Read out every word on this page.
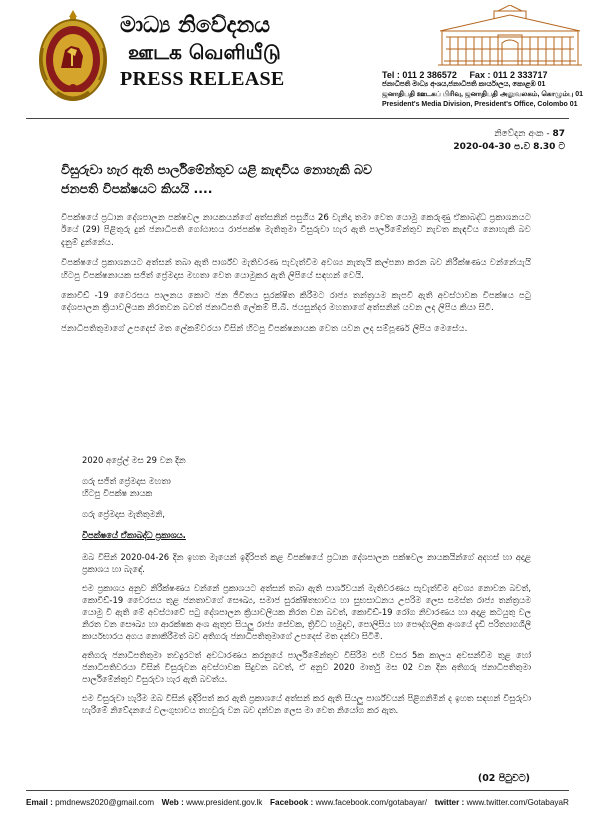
මාධ්‍ය නිවේදනය
ஊடக வெளியீடு
PRESS RELEASE	Tel : 011 2 386572 Fax : 011 2 333717
ජනාධිපති මාධ්‍ය අංශය,ජනාධිපති කාර්යාලය, කොළඹ 01
ஜனாதிபதி ஊடகப் பிரிவு, ஜனாதிபதி அலுவலகம், கொழும்பு 01
President's Media Division, President's Office, Colombo 01
නිවේදන අංක - 87
2020-04-30 ප.ව 8.30 ට
විසුරුවා හැර ඇති පාර්ලිමේන්තුව යළි කැඳවිය නොහැකි බව
ජනපති විපක්ෂයට කියයි ....

විපක්ෂයේ ප්‍රධාන දේශපාලන පක්ෂවල නායකයන්ගේ අත්සනින් පසුගිය 26 වැනිදා තමා වෙත යොමු කෙරුණු ඒකාබද්ධ ප්‍රකාශනයට ඊයේ (29) පිළිතුරු දුන් ජනාධිපති ගෝඨාභය රාජපක්ෂ මැතිතුමා විසුරුවා හැර ඇති පාර්ලිමේන්තුව නැවත කැඳවිය නොහැකි බව දැනුම් දුන්නේය.

විපක්ෂයේ ප්‍රකාශනයට අත්සන් තබා ඇති පාර්ශ්ව මැතිවරණ පැවැත්වීම අවශ්‍ය නැතැයි කල්පනා කරන බව නිරීක්ෂණය වන්නේයැයි හිටපු විපක්ෂනායක සජිත් ප්‍රේමදාස මහතා වෙත යොමුකර ඇති ලිපියේ සඳහන් වෙයි.

කොවිඩ් -19 වෛරසය පාලනය කොට ජන ජීවිතය සුරක්ෂිත කිරීමට රාජ්‍ය තන්ත්‍රයම කැපවී ඇති අවස්ථාවක විපක්ෂය පටු දේශපාලන ක්‍රියාවලියක නිරතවන බවත් ජනාධිපති ලේකම් පී.බී. ජයසුන්දර මහතාගේ අත්සනින් යවන ලද ලිපිය කියා සිටී.

ජනාධිපතිතුමාගේ උපදෙස් මත ලේකම්වරයා විසින් හිටපු විපක්ෂනායක වෙත යවන ලද සම්පූර්ණ ලිපිය මෙසේය.

2020 අප්‍රේල් මස 29 වන දින

ගරු සජිත් ප්‍රේමදාස මහතා
හිටපු විපක්ෂ නායක

ගරු ප්‍රේමදාස මැතිතුමනි,

විපක්ෂයේ ඒකාබද්ධ ප්‍රකාශය.

ඔබ විසින් 2020-04-26 දින ඉහත මැයෙන් ඉදිරිපත් කළ විපක්ෂයේ ප්‍රධාන දේශපාලන පක්ෂවල නායකයින්ගේ අදහස් හා අදාළ ප්‍රකාශය හා බැඳේ.

එම ප්‍රකාශය අනුව නිරීක්ෂණය වන්නේ ප්‍රකාශයට අත්සන් තබා ඇති පාර්ශ්වයන් මැතිවරණය පැවැත්වීම අවශ්‍ය නොවන බවත්, කොවිඩ්-19 වෛරසය තුළ ජනතාවගේ සෞඛ්‍ය, සමාජ සුරක්ෂිතභාවය හා සුභසාධනය උපරිම ලෙස සමස්ත රාජ්‍ය තන්ත්‍රයම යොමු වී ඇති මේ අවස්ථාවේ පටු දේශපාලන ක්‍රියාවලියක නිරත වන බවත්, කොවිඩ්-19 රෝග නිවාරණය හා අදාළ කටයුතු වල නිරත වන සෞඛ්‍ය හා ආරක්ෂක අංශ ඇතුළු සියලු රාජ්‍ය සේවක, ත්‍රිවිධ හමුදාව, පොලිසිය හා පෞද්ගලික අංශයේ දැඩි පරිත්‍යාගශීලී කාර්යභාරය අගය නොකිරීමත් බව අතිගරු ජනාධිපතිතුමාගේ උපදෙස් මත දන්වා සිටිමි.

අතිගරු ජනාධිපතිතුමා තවදුරටත් අවධාරණය කරනුයේ පාර්ලිමේන්තුව විසිරීම එහි වසර 5ක කාලය අවසන්වීම තුළ හෝ ජනාධිපතිවරයා විසින් විසුරුවන අවස්ථාවක සිදුවන බවත්, ඒ අනුව 2020 මාර්තු මස 02 වන දින අතිගරු ජනාධිපතිතුමා පාර්ලිමේන්තුව විසුරුවා හැර ඇති බවත්ය.

එම විසුරුවා හැරීම ඔබ විසින් ඉදිරිපත් කර ඇති ප්‍රකාශයේ අත්සන් කර ඇති සියලු පාර්ශ්වයන් පිළිගනිමින් ද ඉහත සඳහන් විසුරුවා හැරීමේ නිවේදනයේ වලංගුභාවය තහවුරු වන බව දන්වන ලෙස මා වෙත නියෝග කර ඇත.

(02 පිටුවට)
Email : pmdnews2020@gmail.com Web : www.president.gov.lk Facebook : www.facebook.com/gotabayar/ twitter : www.twitter.com/GotabayaR
